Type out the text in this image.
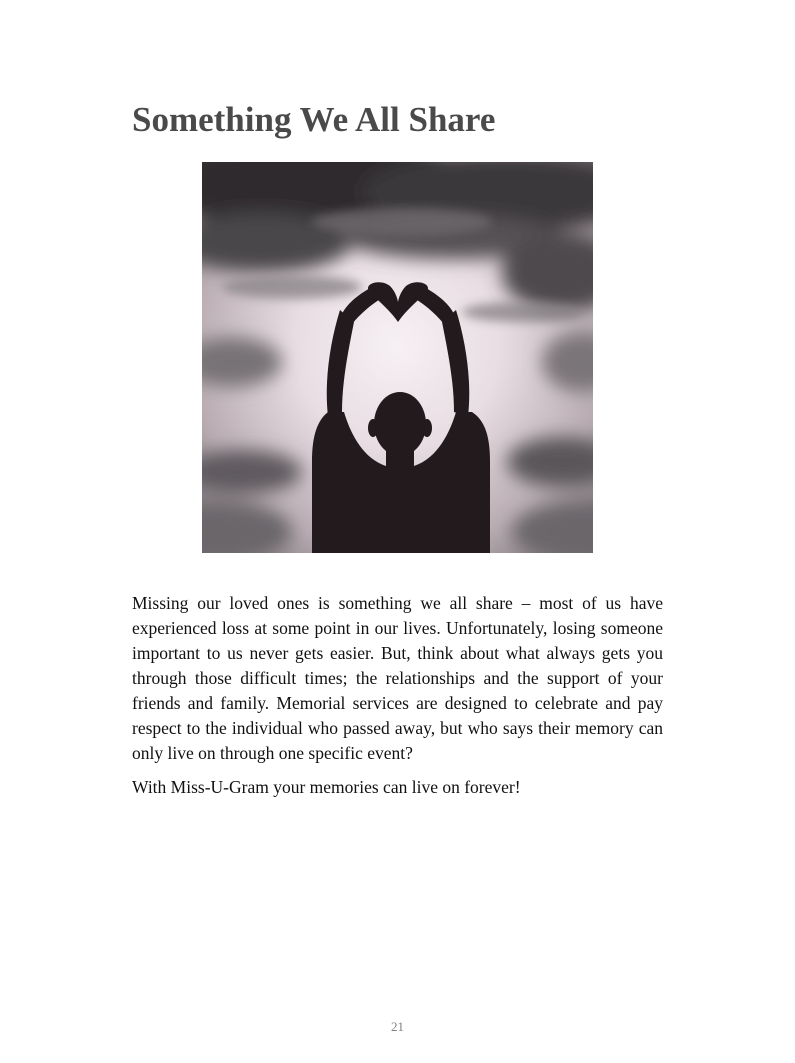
Something We All Share

Missing our loved ones is something we all share – most of us have experienced loss at some point in our lives. Unfortunately, losing someone important to us never gets easier. But, think about what always gets you through those difficult times; the relationships and the support of your friends and family. Memorial services are designed to celebrate and pay respect to the individual who passed away, but who says their memory can only live on through one specific event?

With Miss-U-Gram your memories can live on forever!

21
